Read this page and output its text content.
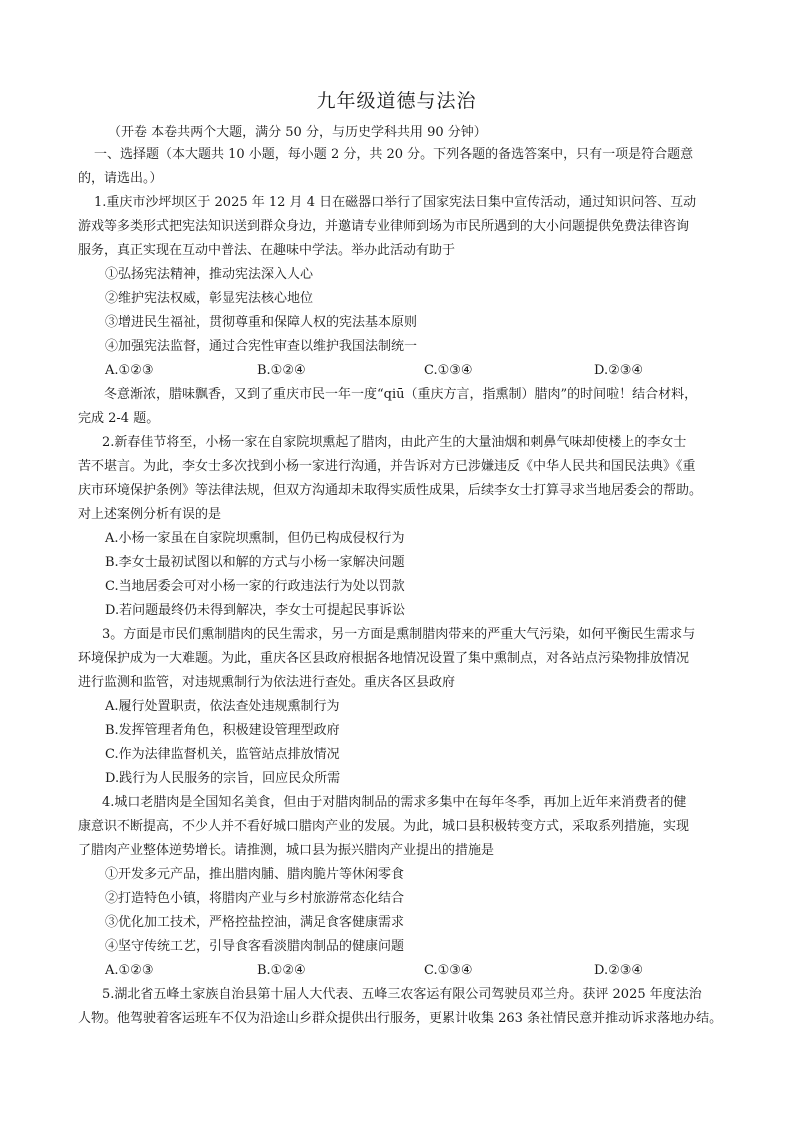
九年级道德与法治
（开卷 本卷共两个大题，满分 50 分，与历史学科共用 90 分钟）
一、选择题（本大题共 10 小题，每小题 2 分，共 20 分。下列各题的备选答案中，只有一项是符合题意
的，请选出。）
1.重庆市沙坪坝区于 2025 年 12 月 4 日在磁器口举行了国家宪法日集中宣传活动，通过知识问答、互动
游戏等多类形式把宪法知识送到群众身边，并邀请专业律师到场为市民所遇到的大小问题提供免费法律咨询
服务，真正实现在互动中普法、在趣味中学法。举办此活动有助于
①弘扬宪法精神，推动宪法深入人心
②维护宪法权威，彰显宪法核心地位
③增进民生福祉，贯彻尊重和保障人权的宪法基本原则
④加强宪法监督，通过合宪性审查以维护我国法制统一
A.①②③	B.①②④	C.①③④	D.②③④
冬意渐浓，腊味飘香，又到了重庆市民一年一度“qiū（重庆方言，指熏制）腊肉”的时间啦！结合材料，
完成 2-4 题。
2.新春佳节将至，小杨一家在自家院坝熏起了腊肉，由此产生的大量油烟和刺鼻气味却使楼上的李女士
苦不堪言。为此，李女士多次找到小杨一家进行沟通，并告诉对方已涉嫌违反《中华人民共和国民法典》《重
庆市环境保护条例》等法律法规，但双方沟通却未取得实质性成果，后续李女士打算寻求当地居委会的帮助。
对上述案例分析有误的是
A.小杨一家虽在自家院坝熏制，但仍已构成侵权行为
B.李女士最初试图以和解的方式与小杨一家解决问题
C.当地居委会可对小杨一家的行政违法行为处以罚款
D.若问题最终仍未得到解决，李女士可提起民事诉讼
3。方面是市民们熏制腊肉的民生需求，另一方面是熏制腊肉带来的严重大气污染，如何平衡民生需求与
环境保护成为一大难题。为此，重庆各区县政府根据各地情况设置了集中熏制点，对各站点污染物排放情况
进行监测和监管，对违规熏制行为依法进行查处。重庆各区县政府
A.履行处置职责，依法查处违规熏制行为
B.发挥管理者角色，积极建设管理型政府
C.作为法律监督机关，监管站点排放情况
D.践行为人民服务的宗旨，回应民众所需
4.城口老腊肉是全国知名美食，但由于对腊肉制品的需求多集中在每年冬季，再加上近年来消费者的健
康意识不断提高，不少人并不看好城口腊肉产业的发展。为此，城口县积极转变方式，采取系列措施，实现
了腊肉产业整体逆势增长。请推测，城口县为振兴腊肉产业提出的措施是
①开发多元产品，推出腊肉脯、腊肉脆片等休闲零食
②打造特色小镇，将腊肉产业与乡村旅游常态化结合
③优化加工技术，严格控盐控油，满足食客健康需求
④坚守传统工艺，引导食客看淡腊肉制品的健康问题
A.①②③	B.①②④	C.①③④	D.②③④
5.湖北省五峰土家族自治县第十届人大代表、五峰三农客运有限公司驾驶员邓兰舟。获评 2025 年度法治
人物。他驾驶着客运班车不仅为沿途山乡群众提供出行服务，更累计收集 263 条社情民意并推动诉求落地办结。
